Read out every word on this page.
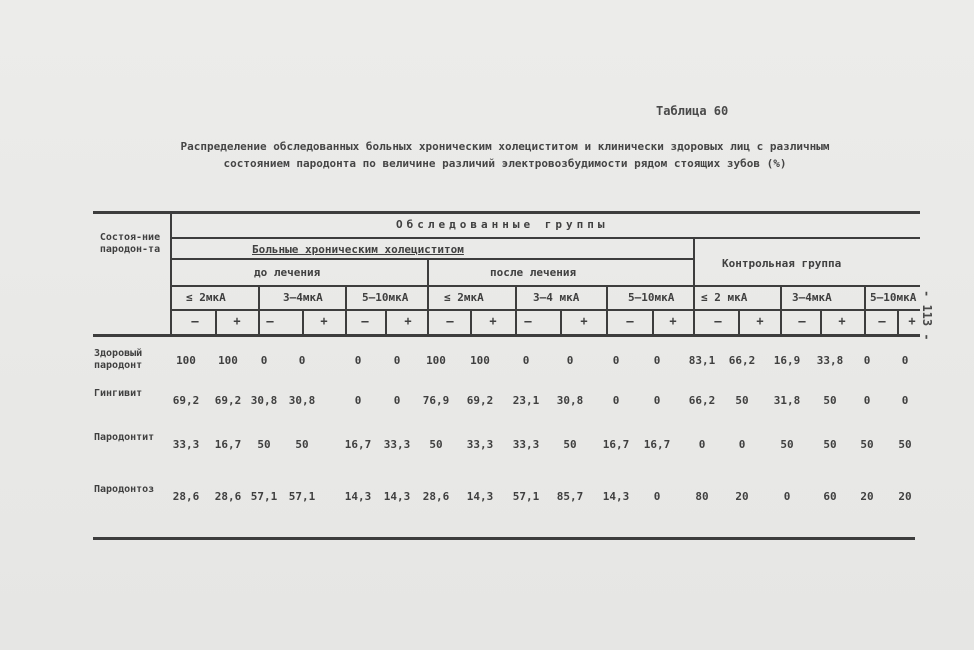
Таблица 60
Распределение обследованных больных хроническим холециститом и клинически здоровых лиц с различным состоянием пародонта по величине различий электровозбудимости рядом стоящих зубов (%)
- 113 -
Состоя-ние пародон-та
Обследованные группы
Больные хроническим холециститом
до лечения	после лечения
Контрольная группа
≤ 2мкА	3–4мкА	5–10мкА	≤ 2мкА	3–4 мкА	5–10мкА ≤ 2 мкА	3–4мкА	5–10мкА
–	+	–	+	–	+	–	+	–	+	–	+	–	+	–	+	–	+
Здоровый пародонт	100	100	0	0	0	0	100	100	0	0	0	0	83,1	66,2	16,9	33,8	0	0
Гингивит
69,2	69,2 30,8	30,8	0	0	76,9	69,2	23,1	30,8	0	0	66,2	50	31,8	50	0	0
Пародонтит
33,3	16,7	50	50	16,7	33,3	50	33,3	33,3	50	16,7	16,7	0	0	50	50	50	50
Пародонтоз
28,6	28,6 57,1	57,1	14,3	14,3	28,6	14,3	57,1	85,7	14,3	0	80	20	0	60	20	20
